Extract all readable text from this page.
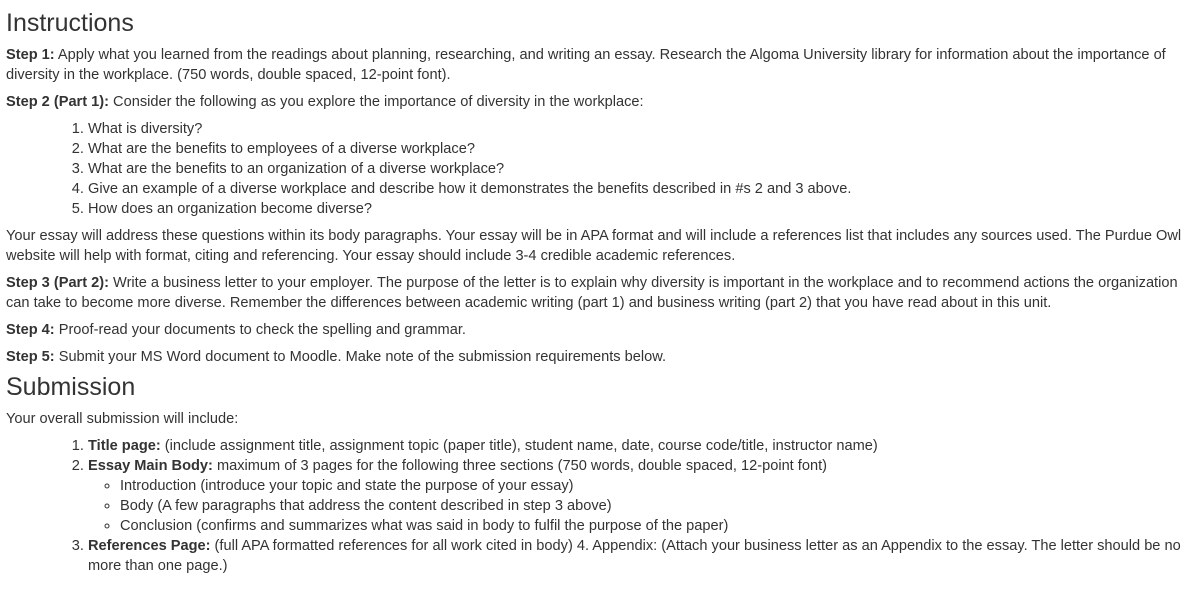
Instructions

Step 1: Apply what you learned from the readings about planning, researching, and writing an essay. Research the Algoma University library for information about the importance of diversity in the workplace. (750 words, double spaced, 12-point font).

Step 2 (Part 1): Consider the following as you explore the importance of diversity in the workplace:

1. What is diversity?
2. What are the benefits to employees of a diverse workplace?
3. What are the benefits to an organization of a diverse workplace?
4. Give an example of a diverse workplace and describe how it demonstrates the benefits described in #s 2 and 3 above.
5. How does an organization become diverse?

Your essay will address these questions within its body paragraphs. Your essay will be in APA format and will include a references list that includes any sources used. The Purdue Owl website will help with format, citing and referencing. Your essay should include 3-4 credible academic references.

Step 3 (Part 2): Write a business letter to your employer. The purpose of the letter is to explain why diversity is important in the workplace and to recommend actions the organization can take to become more diverse. Remember the differences between academic writing (part 1) and business writing (part 2) that you have read about in this unit.

Step 4: Proof-read your documents to check the spelling and grammar.

Step 5: Submit your MS Word document to Moodle. Make note of the submission requirements below.

Submission

Your overall submission will include:

1. Title page: (include assignment title, assignment topic (paper title), student name, date, course code/title, instructor name)
2. Essay Main Body: maximum of 3 pages for the following three sections (750 words, double spaced, 12-point font)
◦ Introduction (introduce your topic and state the purpose of your essay)
◦ Body (A few paragraphs that address the content described in step 3 above)
◦ Conclusion (confirms and summarizes what was said in body to fulfil the purpose of the paper)
3. References Page: (full APA formatted references for all work cited in body) 4. Appendix: (Attach your business letter as an Appendix to the essay. The letter should be no more than one page.)
